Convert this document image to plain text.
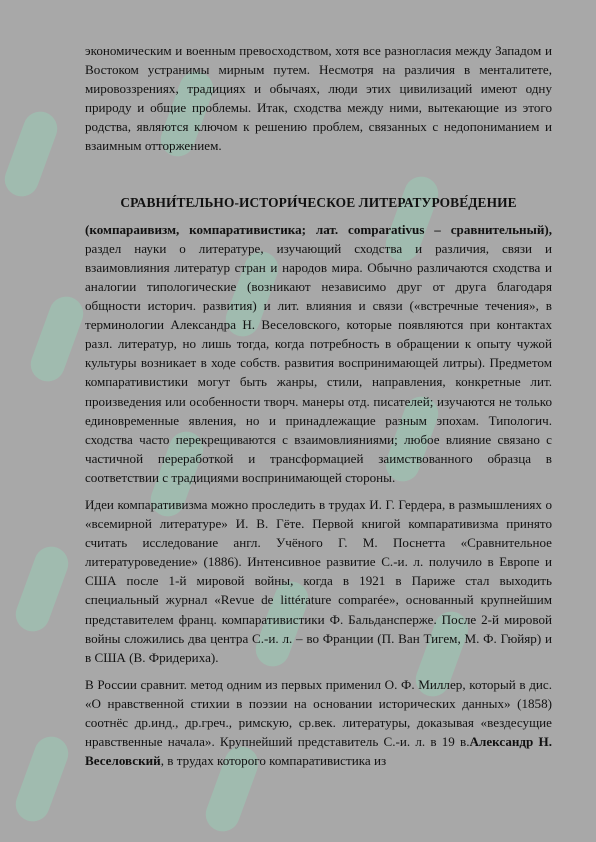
экономическим и военным превосходством, хотя все разногласия между Западом и Востоком устранимы мирным путем. Несмотря на различия в менталитете, мировоззрениях, традициях и обычаях, люди этих цивилизаций имеют одну природу и общие проблемы. Итак, сходства между ними, вытекающие из этого родства, являются ключом к решению проблем, связанных с недопониманием и взаимным отторжением.

СРАВНИ́ТЕЛЬНО-ИСТОРИ́ЧЕСКОЕ ЛИТЕРАТУРОВЕ́ДЕНИЕ

(компараивизм, компаративистика; лат. comparativus – сравнительный), раздел науки о литературе, изучающий сходства и различия, связи и взаимовлияния литератур стран и народов мира. Обычно различаются сходства и аналогии типологические (возникают независимо друг от друга благодаря общности историч. развития) и лит. влияния и связи («встречные течения», в терминологии Александра Н. Веселовского, которые появляются при контактах разл. литератур, но лишь тогда, когда потребность в обращении к опыту чужой культуры возникает в ходе собств. развития воспринимающей литры). Предметом компаративистики могут быть жанры, стили, направления, конкретные лит. произведения или особенности творч. манеры отд. писателей; изучаются не только единовременные явления, но и принадлежащие разным эпохам. Типологич. сходства часто перекрещиваются с взаимовлияниями; любое влияние связано с частичной переработкой и трансформацией заимствованного образца в соответствии с традициями воспринимающей стороны.

Идеи компаративизма можно проследить в трудах И. Г. Гердера, в размышлениях о «всемирной литературе» И. В. Гёте. Первой книгой компаративизма принято считать исследование англ. Учёного Г. М. Поснетта «Сравнительное литературоведение» (1886). Интенсивное развитие С.-и. л. получило в Европе и США после 1-й мировой войны, когда в 1921 в Париже стал выходить специальный журнал «Revue de littérature comparée», основанный крупнейшим представителем франц. компаративистики Ф. Бальдансперже. После 2-й мировой войны сложились два центра С.-и. л. – во Франции (П. Ван Тигем, М. Ф. Гюйяр) и в США (В. Фридериха).

В России сравнит. метод одним из первых применил О. Ф. Миллер, который в дис. «О нравственной стихии в поэзии на основании исторических данных» (1858) соотнёс др.инд., др.греч., римскую, ср.век. литературы, доказывая «вездесущие нравственные начала». Крупнейший представитель С.-и. л. в 19 в.Александр Н. Веселовский, в трудах которого компаративистика из
